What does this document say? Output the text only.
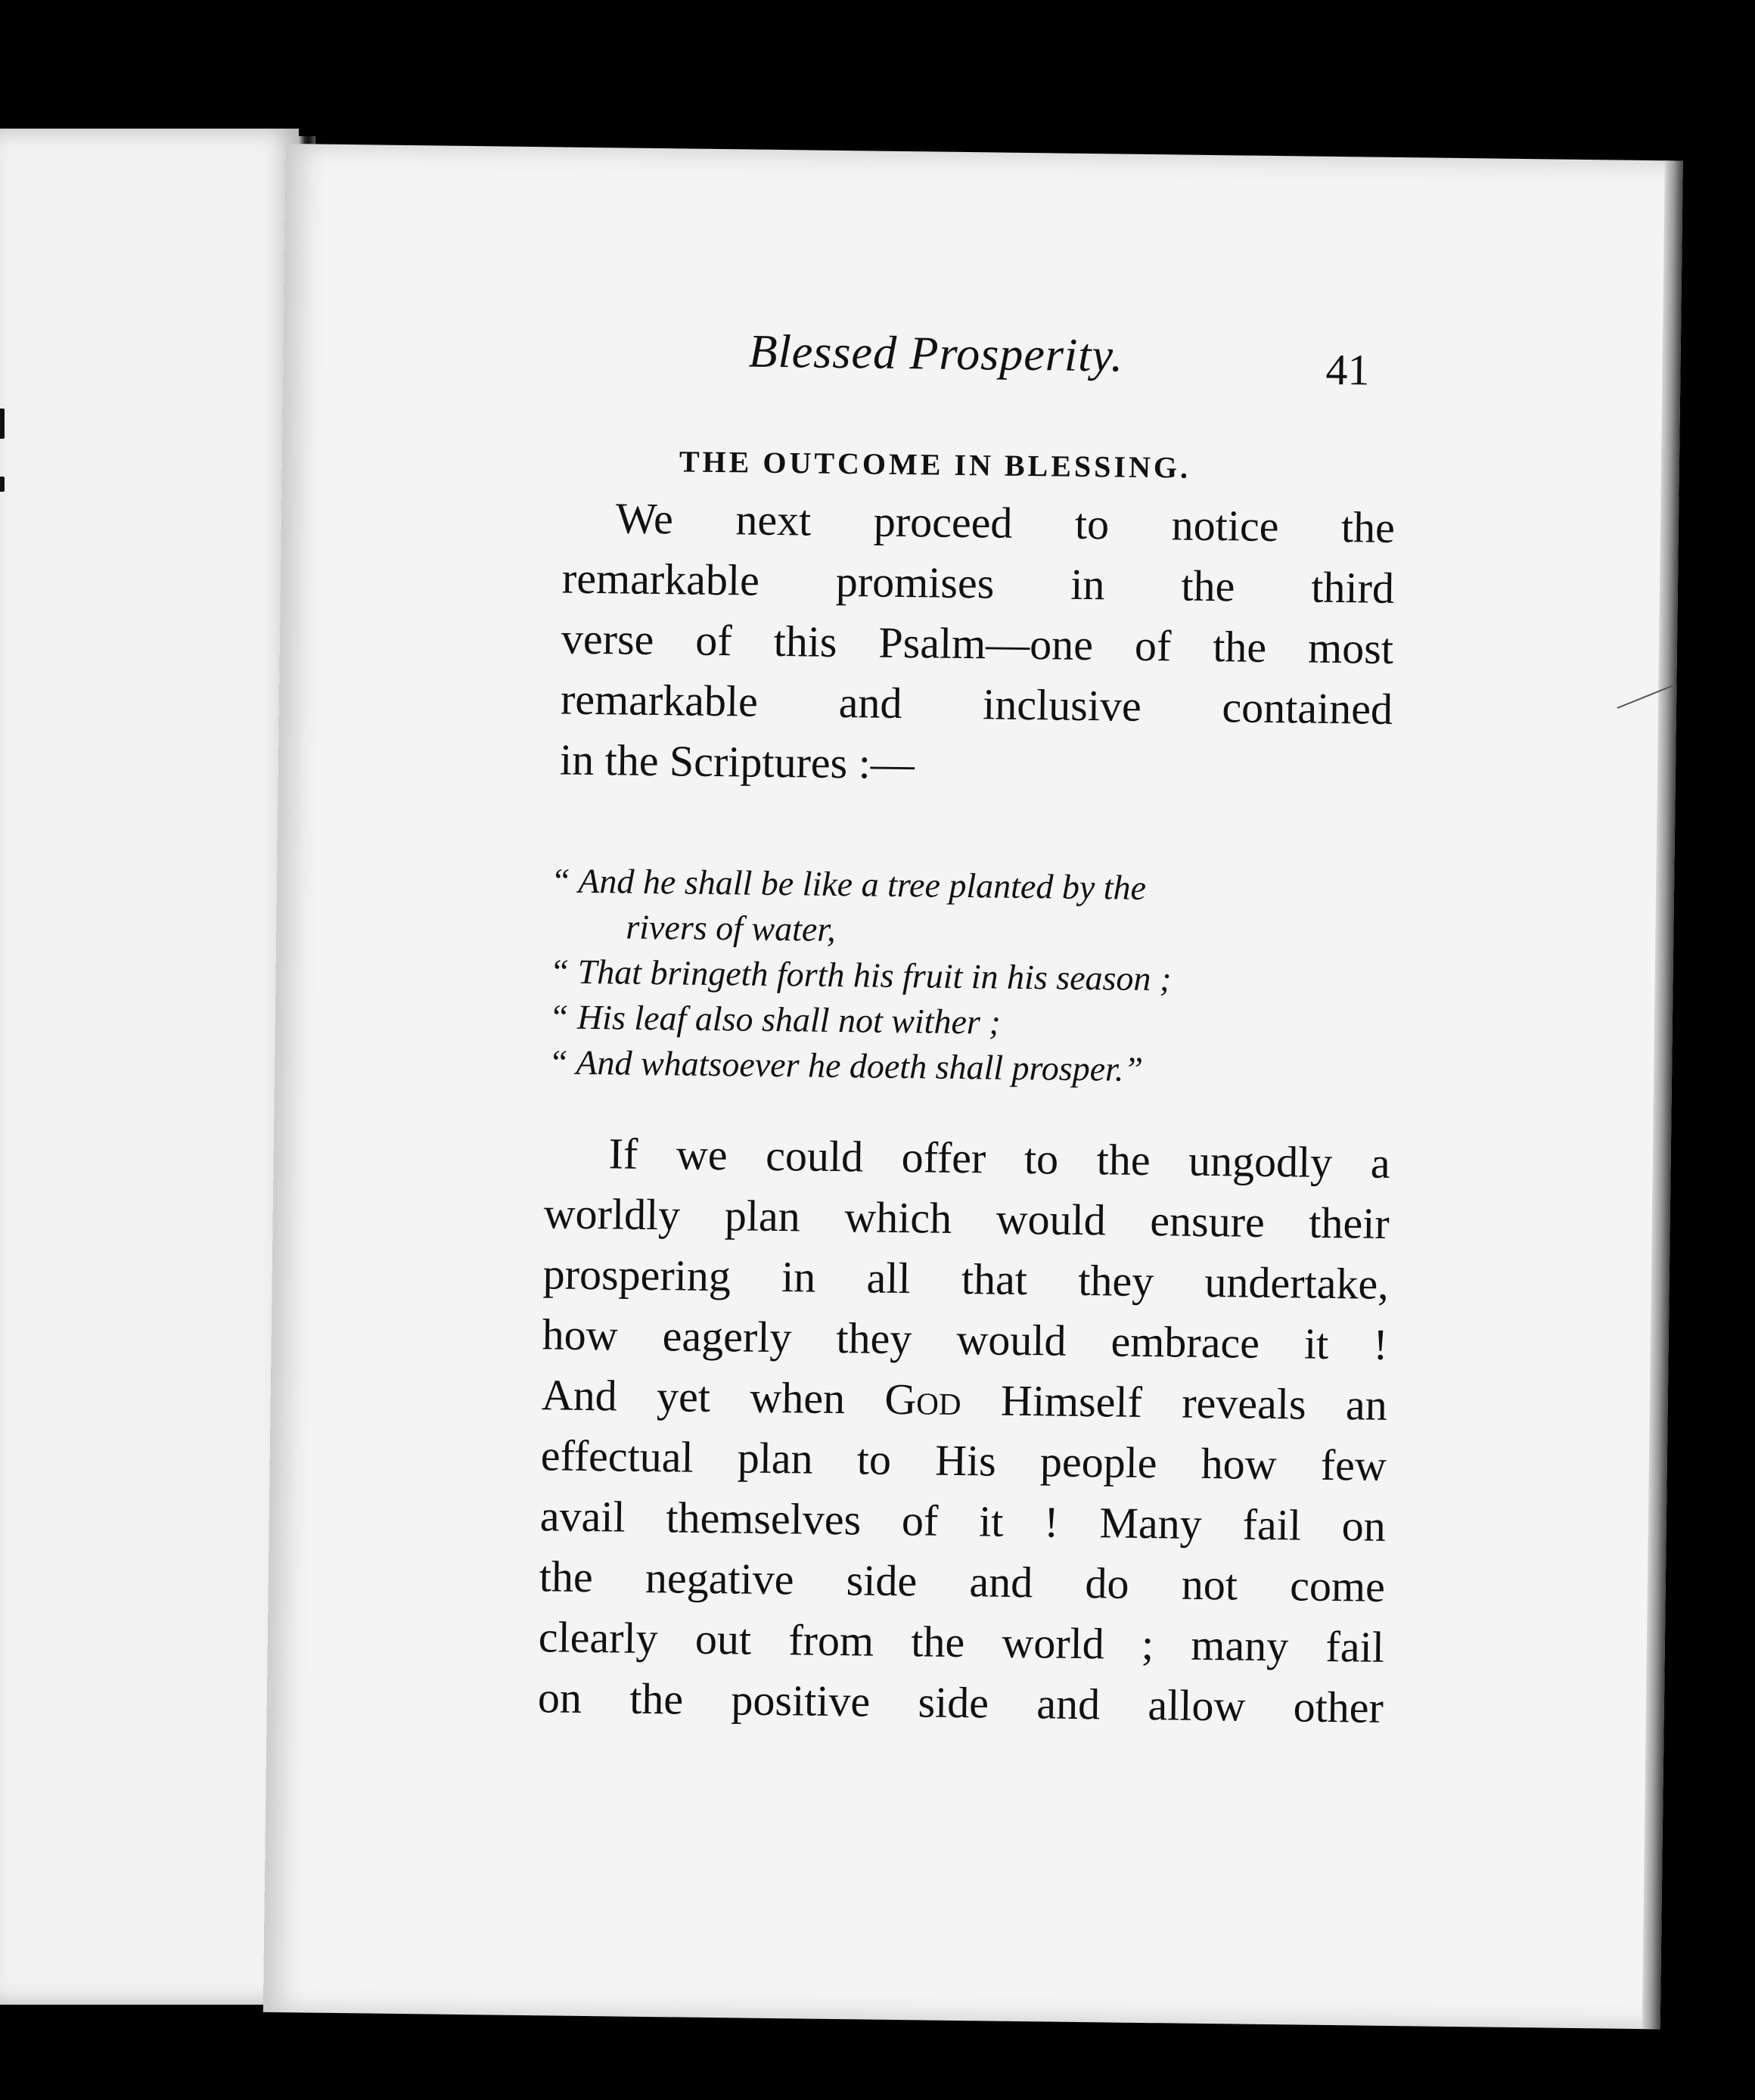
Blessed Prosperity.	41
THE OUTCOME IN BLESSING.
We next proceed to notice the
remarkable promises in the third
verse of this Psalm—one of the most
remarkable and inclusive contained
in the Scriptures :—
“ And he shall be like a tree planted by the
rivers of water,
“ That bringeth forth his fruit in his season ;
“ His leaf also shall not wither ;
“ And whatsoever he doeth shall prosper.”
If we could offer to the ungodly a
worldly plan which would ensure their
prospering in all that they undertake,
how eagerly they would embrace it !
And yet when God Himself reveals an
effectual plan to His people how few
avail themselves of it ! Many fail on
the negative side and do not come
clearly out from the world ; many fail
on the positive side and allow other
